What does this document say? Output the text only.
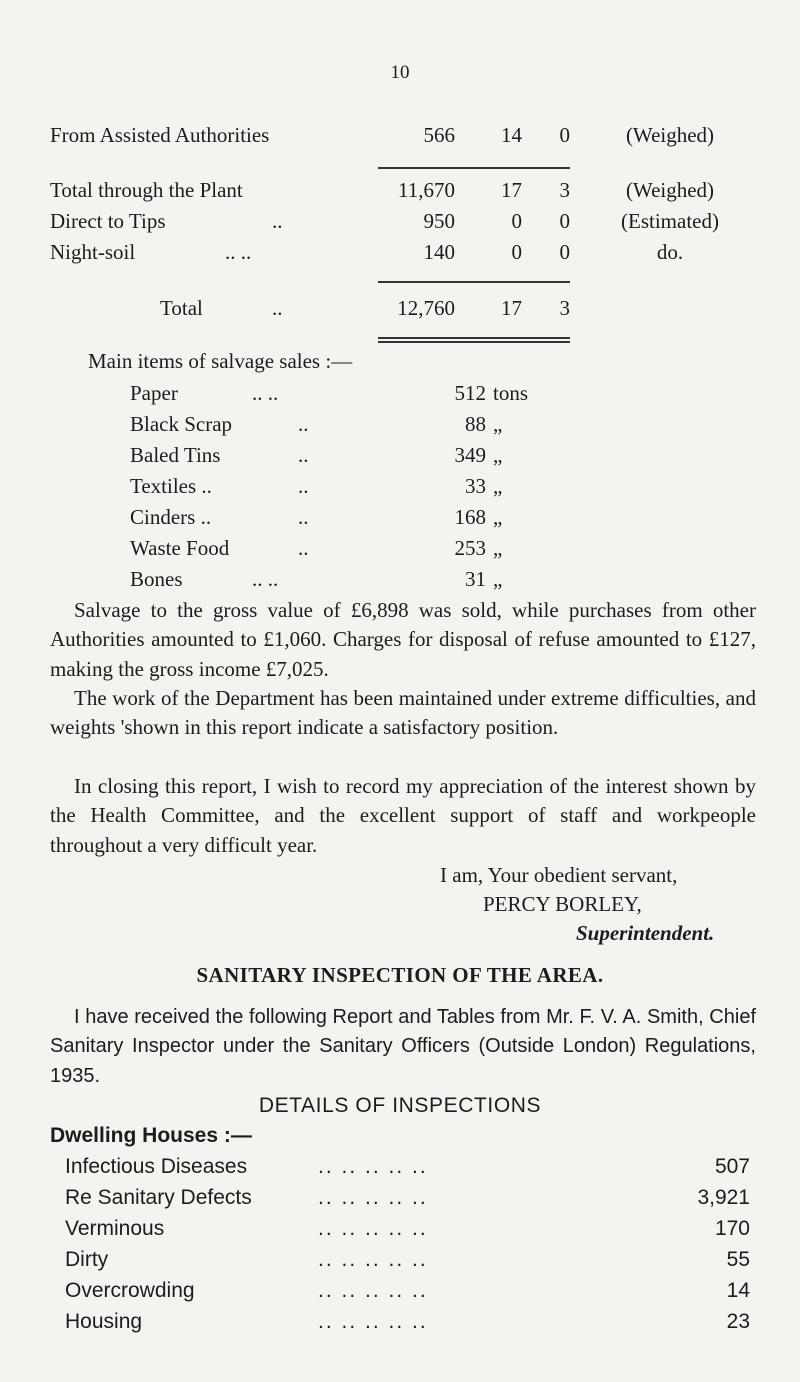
10
From Assisted Authorities	566 14 0	(Weighed)
Total through the Plant	11,670 17 3	(Weighed)
Direct to Tips	..	950	0 0	(Estimated)
Night-soil	.. ..	140	0 0	do.
Total	..	12,760 17 3
Main items of salvage sales :—
Paper	.. ..	512 tons
Black Scrap	..	88 „
Baled Tins	..	349 „
Textiles ..	..	33 „
Cinders ..	..	168 „
Waste Food	..	253 „
Bones	.. ..	31 „
Salvage to the gross value of £6,898 was sold, while purchases from other Authorities amounted to £1,060. Charges for disposal of refuse amounted to £127, making the gross income £7,025.
The work of the Department has been maintained under extreme difficulties, and weights 'shown in this report indicate a satisfactory position.
In closing this report, I wish to record my appreciation of the interest shown by the Health Committee, and the excellent support of staff and workpeople throughout a very difficult year.
I am, Your obedient servant,
PERCY BORLEY,
Superintendent.
SANITARY INSPECTION OF THE AREA.
I have received the following Report and Tables from Mr. F. V. A. Smith, Chief Sanitary Inspector under the Sanitary Officers (Outside London) Regulations, 1935.
DETAILS OF INSPECTIONS
Dwelling Houses :—
Infectious Diseases	.. .. .. .. ..	507
Re Sanitary Defects	.. .. .. .. ..	3,921
Verminous	.. .. .. .. ..	170
Dirty	.. .. .. .. ..	55
Overcrowding	.. .. .. .. ..	14
Housing	.. .. .. .. ..	23
